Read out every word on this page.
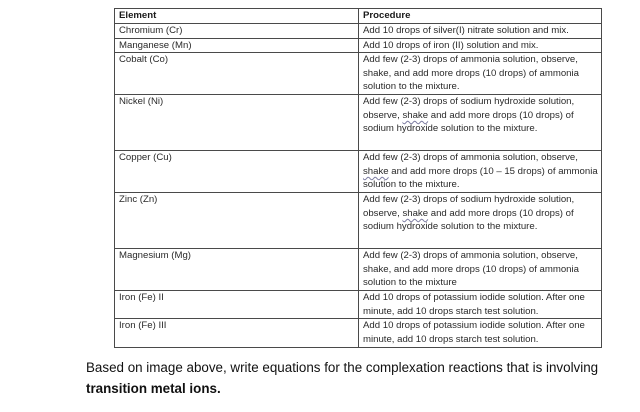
Element	Procedure
Chromium (Cr)	Add 10 drops of silver(I) nitrate solution and mix.
Manganese (Mn)	Add 10 drops of iron (II) solution and mix.
Cobalt (Co)	Add few (2-3) drops of ammonia solution, observe, shake, and add more drops (10 drops) of ammonia solution to the mixture.
Nickel (Ni)	Add few (2-3) drops of sodium hydroxide solution, observe, shake and add more drops (10 drops) of sodium hydroxide solution to the mixture.
Copper (Cu)	Add few (2-3) drops of ammonia solution, observe, shake and add more drops (10 – 15 drops) of ammonia solution to the mixture.
Zinc (Zn)	Add few (2-3) drops of sodium hydroxide solution, observe, shake and add more drops (10 drops) of sodium hydroxide solution to the mixture.
Magnesium (Mg)	Add few (2-3) drops of ammonia solution, observe, shake, and add more drops (10 drops) of ammonia solution to the mixture
Iron (Fe) II	Add 10 drops of potassium iodide solution. After one minute, add 10 drops starch test solution.
Iron (Fe) III	Add 10 drops of potassium iodide solution. After one minute, add 10 drops starch test solution.
Based on image above, write equations for the complexation reactions that is involving transition metal ions.
